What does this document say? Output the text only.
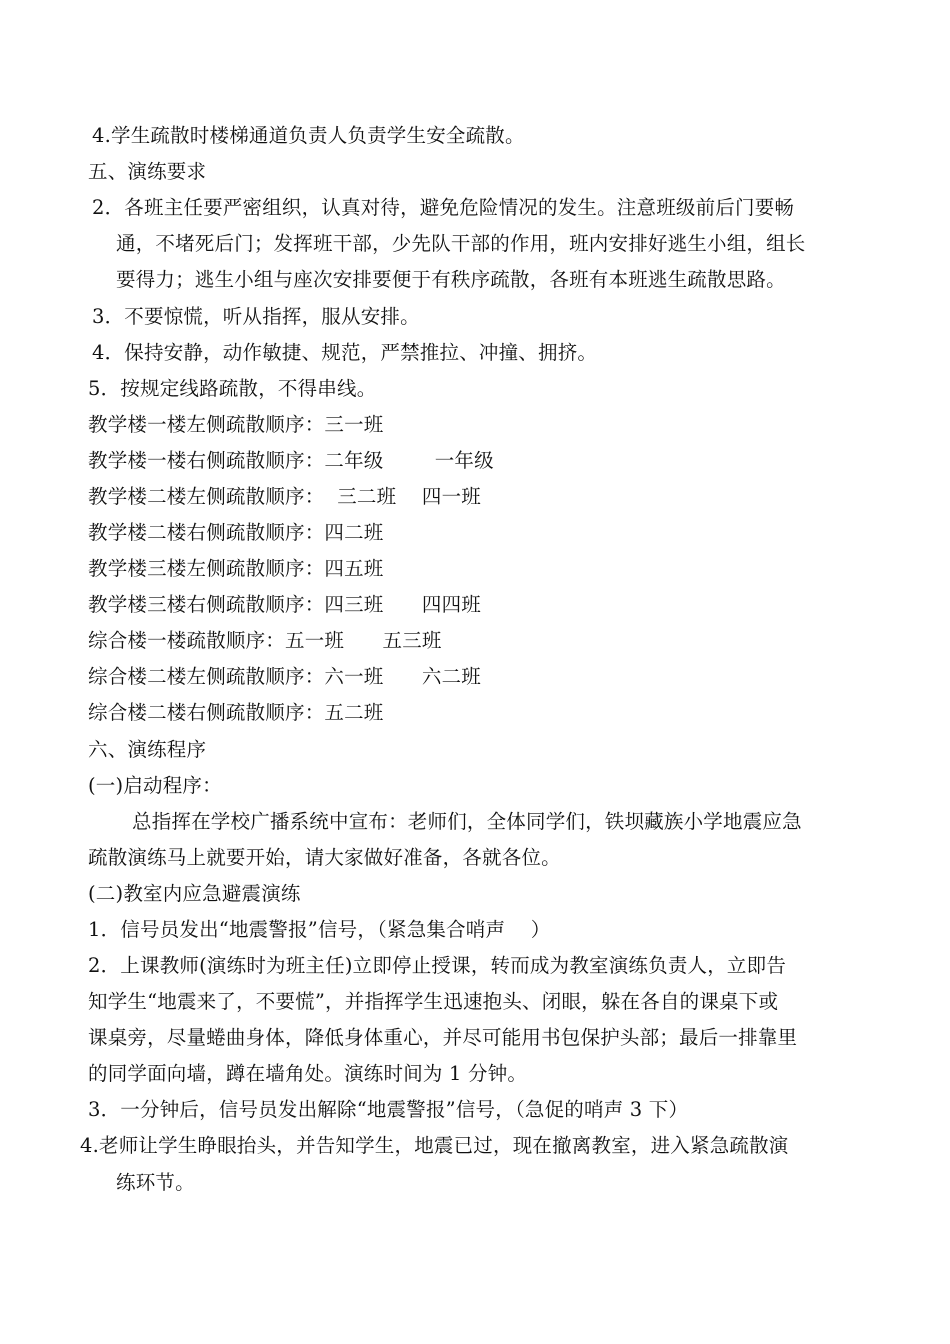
4.学生疏散时楼梯通道负责人负责学生安全疏散。
五、演练要求
2．各班主任要严密组织，认真对待，避免危险情况的发生。注意班级前后门要畅
通，不堵死后门；发挥班干部，少先队干部的作用，班内安排好逃生小组，组长
要得力；逃生小组与座次安排要便于有秩序疏散，各班有本班逃生疏散思路。
3．不要惊慌，听从指挥，服从安排。
4．保持安静，动作敏捷、规范，严禁推拉、冲撞、拥挤。
5．按规定线路疏散，不得串线。
教学楼一楼左侧疏散顺序：三一班
教学楼一楼右侧疏散顺序：二年级        一年级
教学楼二楼左侧疏散顺序：  三二班    四一班
教学楼二楼右侧疏散顺序：四二班
教学楼三楼左侧疏散顺序：四五班
教学楼三楼右侧疏散顺序：四三班      四四班
综合楼一楼疏散顺序：五一班      五三班
综合楼二楼左侧疏散顺序：六一班      六二班
综合楼二楼右侧疏散顺序：五二班
六、演练程序
(一)启动程序：
总指挥在学校广播系统中宣布：老师们，全体同学们，铁坝藏族小学地震应急
疏散演练马上就要开始，请大家做好准备，各就各位。
(二)教室内应急避震演练
1．信号员发出“地震警报”信号，（紧急集合哨声    ）
2．上课教师(演练时为班主任)立即停止授课，转而成为教室演练负责人，立即告
知学生“地震来了，不要慌”，并指挥学生迅速抱头、闭眼，躲在各自的课桌下或
课桌旁，尽量蜷曲身体，降低身体重心，并尽可能用书包保护头部；最后一排靠里
的同学面向墙，蹲在墙角处。演练时间为 1 分钟。
3．一分钟后，信号员发出解除“地震警报”信号，（急促的哨声 3 下）
4.老师让学生睁眼抬头，并告知学生，地震已过，现在撤离教室，进入紧急疏散演
练环节。
